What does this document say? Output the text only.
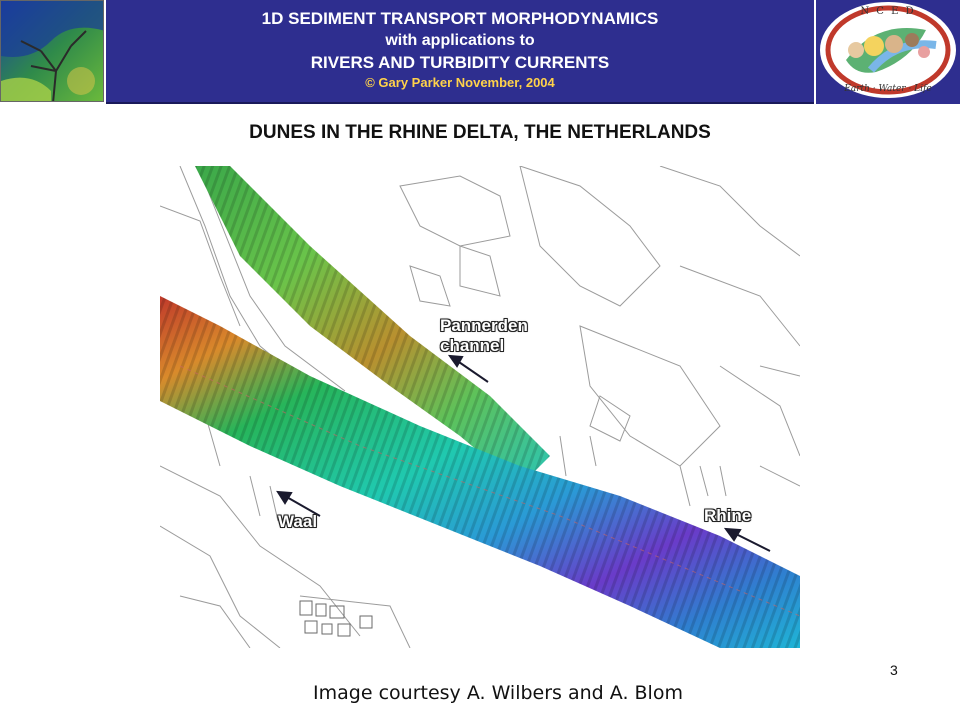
1D SEDIMENT TRANSPORT MORPHODYNAMICS
with applications to
RIVERS AND TURBIDITY CURRENTS
© Gary Parker November, 2004
N C E D
Earth · Water · Life
DUNES IN THE RHINE DELTA, THE NETHERLANDS
Pannerden
channel
Waal	Rhine
Image courtesy A. Wilbers and A. Blom
3
